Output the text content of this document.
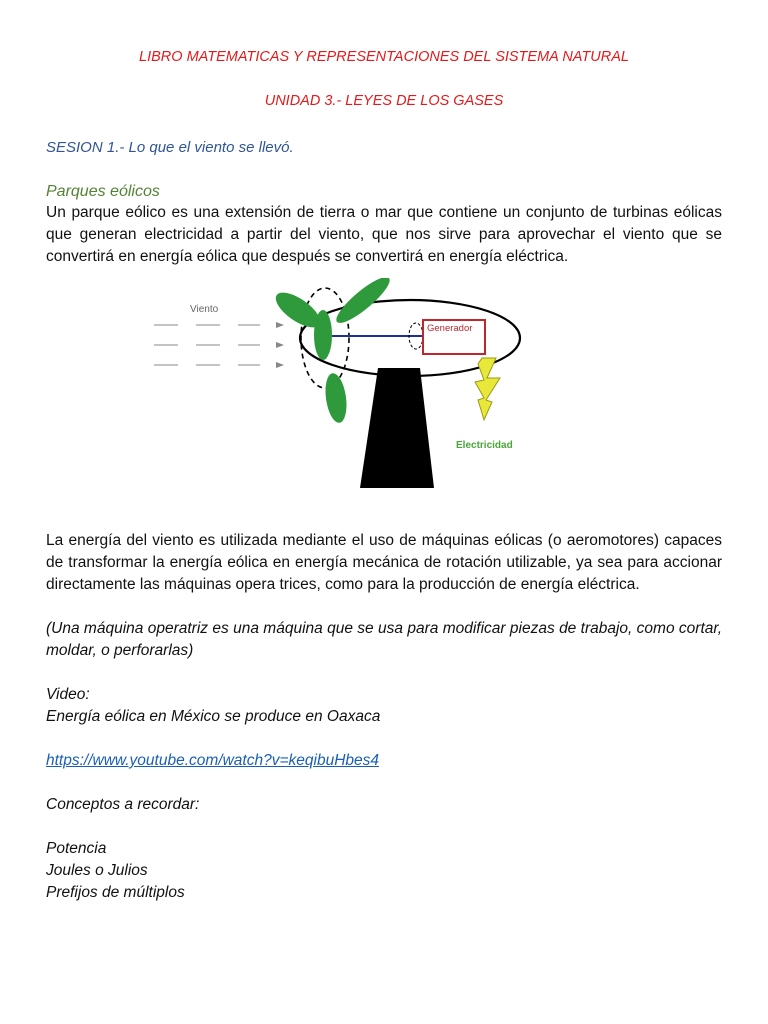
LIBRO MATEMATICAS Y REPRESENTACIONES DEL SISTEMA NATURAL
UNIDAD 3.- LEYES DE LOS GASES
SESION 1.- Lo que el viento se llevó.
Parques eólicos
Un parque eólico es una extensión de tierra o mar que contiene un conjunto de turbinas eólicas que generan electricidad a partir del viento, que nos sirve para aprovechar el viento que se convertirá en energía eólica que después se convertirá en energía eléctrica.
Viento
Generador
Electricidad
La energía del viento es utilizada mediante el uso de máquinas eólicas (o aeromotores) capaces de transformar la energía eólica en energía mecánica de rotación utilizable, ya sea para accionar directamente las máquinas opera trices, como para la producción de energía eléctrica.
(Una máquina operatriz es una máquina que se usa para modificar piezas de trabajo, como cortar, moldar, o perforarlas)
Video:
Energía eólica en México se produce en Oaxaca
https://www.youtube.com/watch?v=keqibuHbes4
Conceptos a recordar:
Potencia
Joules o Julios
Prefijos de múltiplos
